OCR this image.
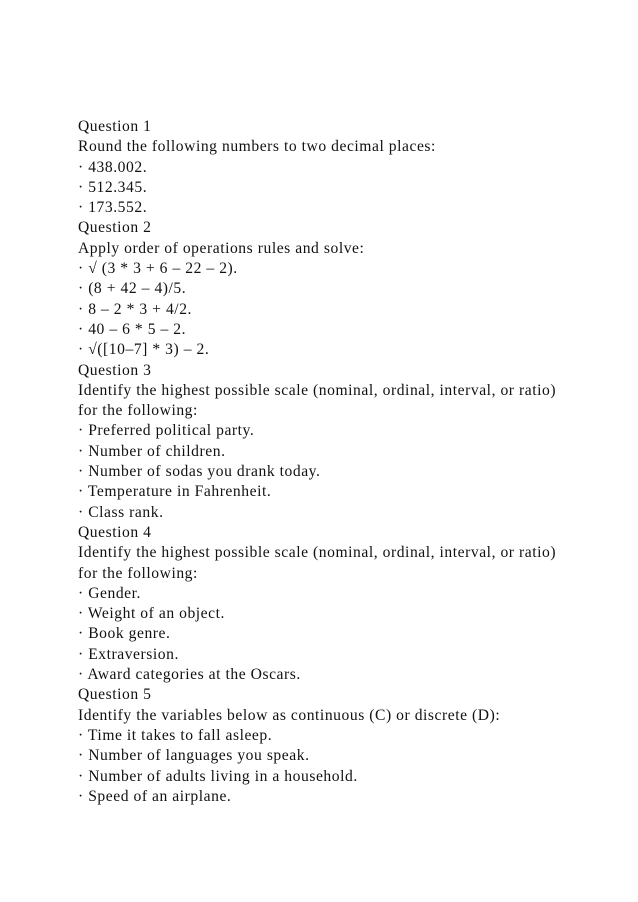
Question 1
Round the following numbers to two decimal places:
· 438.002.
· 512.345.
· 173.552.
Question 2
Apply order of operations rules and solve:
· √ (3 * 3 + 6 – 22 – 2).
· (8 + 42 – 4)/5.
· 8 – 2 * 3 + 4/2.
· 40 – 6 * 5 – 2.
· √([10–7] * 3) – 2.
Question 3
Identify the highest possible scale (nominal, ordinal, interval, or ratio) for the following:
· Preferred political party.
· Number of children.
· Number of sodas you drank today.
· Temperature in Fahrenheit.
· Class rank.
Question 4
Identify the highest possible scale (nominal, ordinal, interval, or ratio) for the following:
· Gender.
· Weight of an object.
· Book genre.
· Extraversion.
· Award categories at the Oscars.
Question 5
Identify the variables below as continuous (C) or discrete (D):
· Time it takes to fall asleep.
· Number of languages you speak.
· Number of adults living in a household.
· Speed of an airplane.
